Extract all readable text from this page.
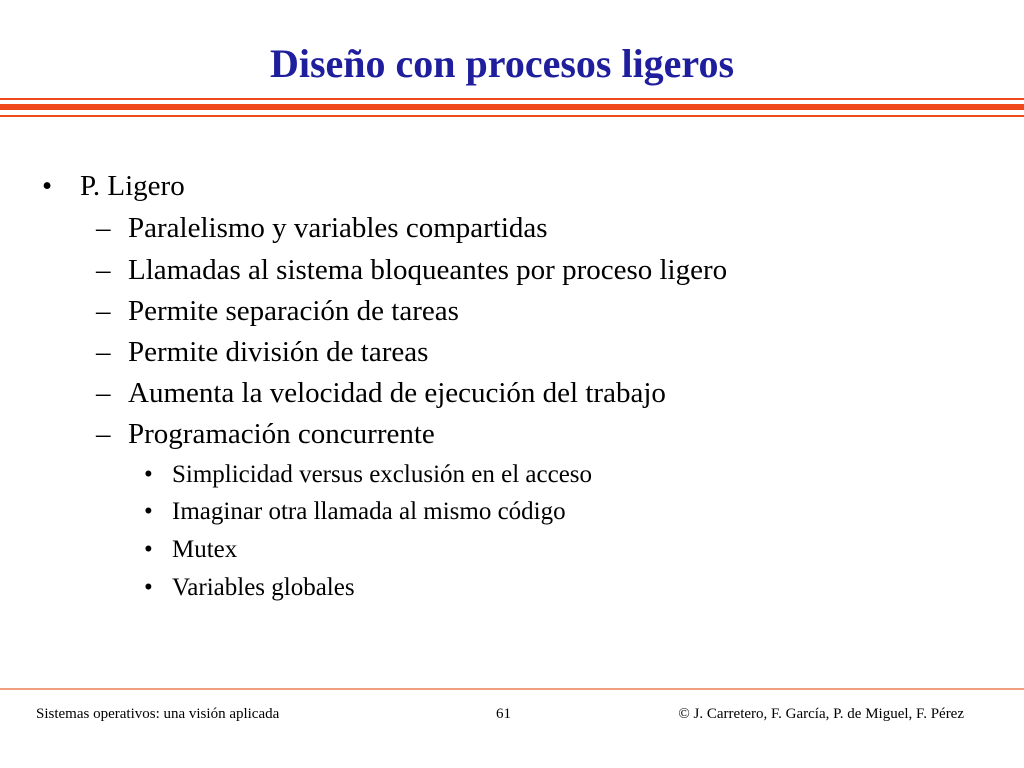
Diseño con procesos ligeros
• P. Ligero
– Paralelismo y variables compartidas
– Llamadas al sistema bloqueantes por proceso ligero
– Permite separación de tareas
– Permite división de tareas
– Aumenta la velocidad de ejecución del trabajo
– Programación concurrente
• Simplicidad versus exclusión en el acceso
• Imaginar otra llamada al mismo código
• Mutex
• Variables globales
Sistemas operativos: una visión aplicada	61	© J. Carretero, F. García, P. de Miguel, F. Pérez
